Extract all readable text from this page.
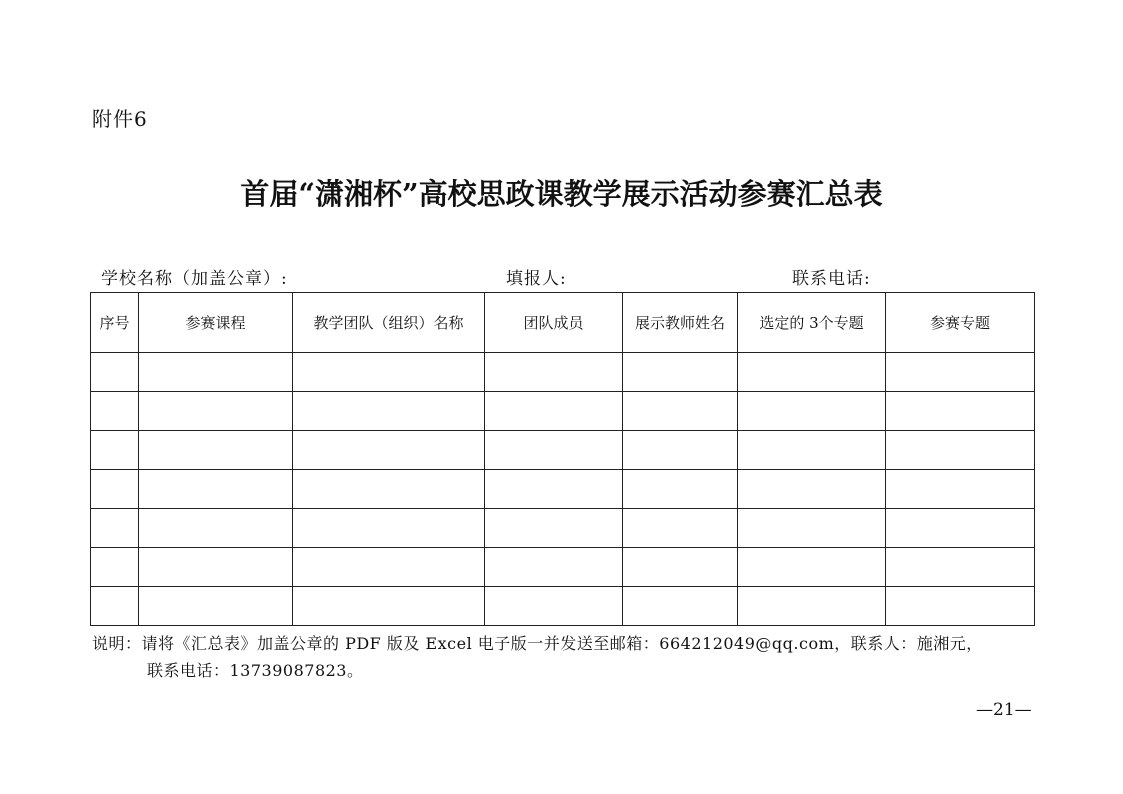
附件6
首届“潇湘杯”高校思政课教学展示活动参赛汇总表
学校名称（加盖公章）:	填报人:	联系电话:
序号	参赛课程	教学团队（组织）名称	团队成员	展示教师姓名	选定的 3个专题	参赛专题

说明：请将《汇总表》加盖公章的 PDF 版及 Excel 电子版一并发送至邮箱：664212049@qq.com，联系人：施湘元，
联系电话：13739087823。
—21—
